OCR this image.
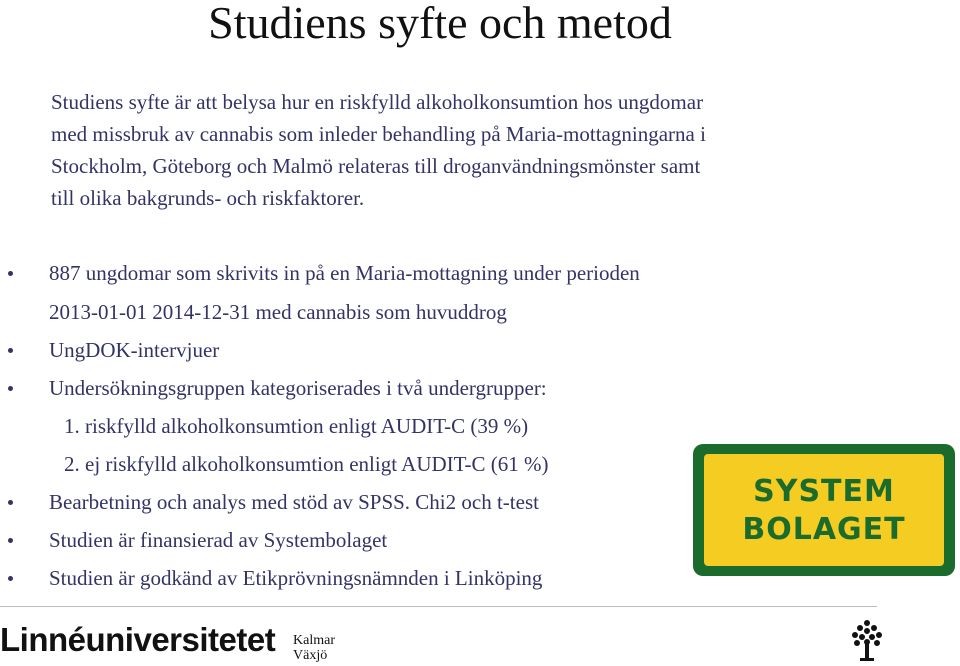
Studiens syfte och metod
Studiens syfte är att belysa hur en riskfylld alkoholkonsumtion hos ungdomar
med missbruk av cannabis som inleder behandling på Maria-mottagningarna i
Stockholm, Göteborg och Malmö relateras till droganvändningsmönster samt
till olika bakgrunds- och riskfaktorer.
887 ungdomar som skrivits in på en Maria-mottagning under perioden
2013-01-01 2014-12-31 med cannabis som huvuddrog
UngDOK-intervjuer
Undersökningsgruppen kategoriserades i två undergrupper:
1. riskfylld alkoholkonsumtion enligt AUDIT-C (39 %)
2. ej riskfylld alkoholkonsumtion enligt AUDIT-C (61 %)
Bearbetning och analys med stöd av SPSS. Chi2 och t-test
Studien är finansierad av Systembolaget
Studien är godkänd av Etikprövningsnämnden i Linköping
SYSTEM
BOLAGET
Linnéuniversitetet Kalmar
Växjö
